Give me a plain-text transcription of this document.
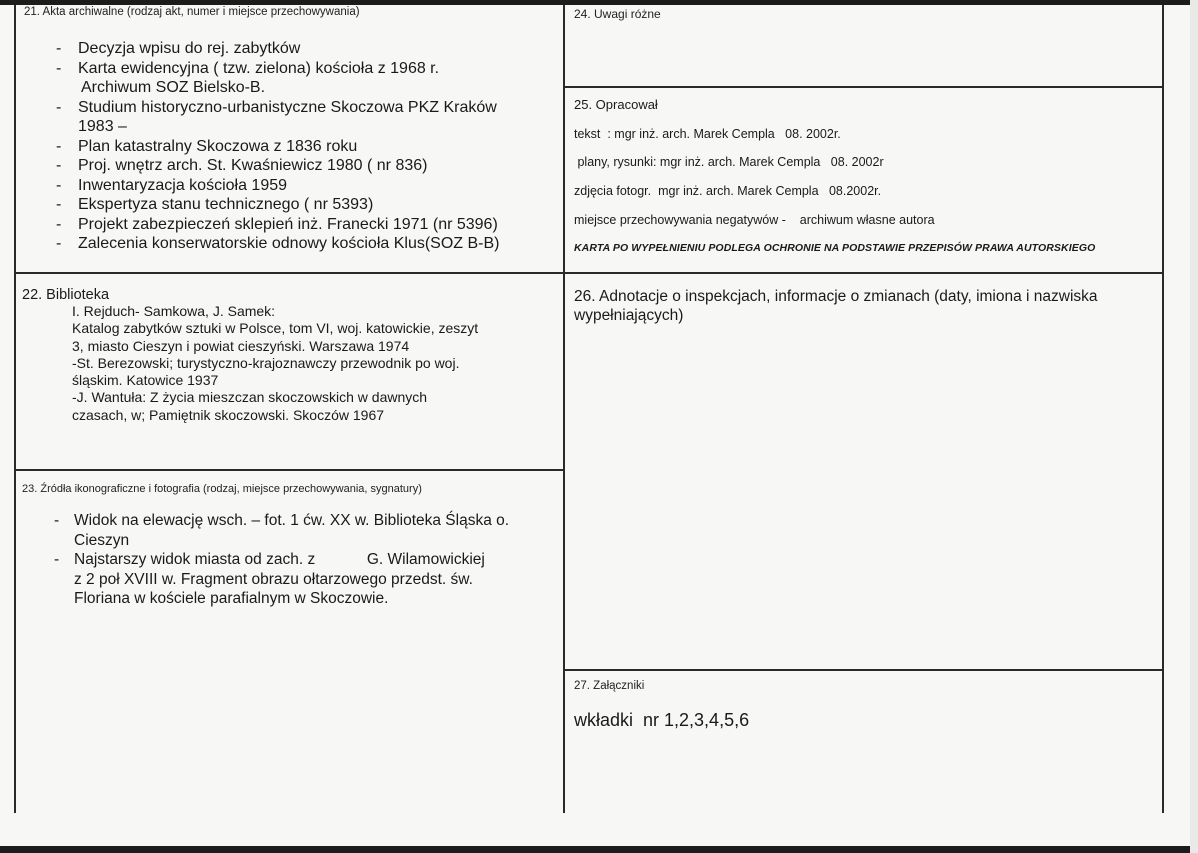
21. Akta archiwalne (rodzaj akt, numer i miejsce przechowywania)
- Decyzja wpisu do rej. zabytków
- Karta ewidencyjna ( tzw. zielona) kościoła z 1968 r.
Archiwum SOZ Bielsko-B.
- Studium historyczno-urbanistyczne Skoczowa PKZ Kraków
1983 –
- Plan katastralny Skoczowa z 1836 roku
- Proj. wnętrz arch. St. Kwaśniewicz 1980 ( nr 836)
- Inwentaryzacja kościoła 1959
- Ekspertyza stanu technicznego ( nr 5393)
- Projekt zabezpieczeń sklepień inż. Franecki 1971 (nr 5396)
- Zalecenia konserwatorskie odnowy kościoła Klus(SOZ B-B)
22. Biblioteka
I. Rejduch- Samkowa, J. Samek:
Katalog zabytków sztuki w Polsce, tom VI, woj. katowickie, zeszyt
3, miasto Cieszyn i powiat cieszyński. Warszawa 1974
-St. Berezowski; turystyczno-krajoznawczy przewodnik po woj.
śląskim. Katowice 1937
-J. Wantuła: Z życia mieszczan skoczowskich w dawnych
czasach, w; Pamiętnik skoczowski. Skoczów 1967
23. Źródła ikonograficzne i fotografia (rodzaj, miejsce przechowywania, sygnatury)
- Widok na elewację wsch. – fot. 1 ćw. XX w. Biblioteka Śląska o.
Cieszyn
- Najstarszy widok miasta od zach. z            G. Wilamowickiej
z 2 poł XVIII w. Fragment obrazu ołtarzowego przedst. św.
Floriana w kościele parafialnym w Skoczowie.
24. Uwagi różne
25. Opracował
tekst  : mgr inż. arch. Marek Cempla   08. 2002r.
plany, rysunki: mgr inż. arch. Marek Cempla   08. 2002r
zdjęcia fotogr.  mgr inż. arch. Marek Cempla   08.2002r.
miejsce przechowywania negatywów -    archiwum własne autora
KARTA PO WYPEŁNIENIU PODLEGA OCHRONIE NA PODSTAWIE PRZEPISÓW PRAWA AUTORSKIEGO
26. Adnotacje o inspekcjach, informacje o zmianach (daty, imiona i nazwiska wypełniających)
27. Załączniki
wkładki  nr 1,2,3,4,5,6
